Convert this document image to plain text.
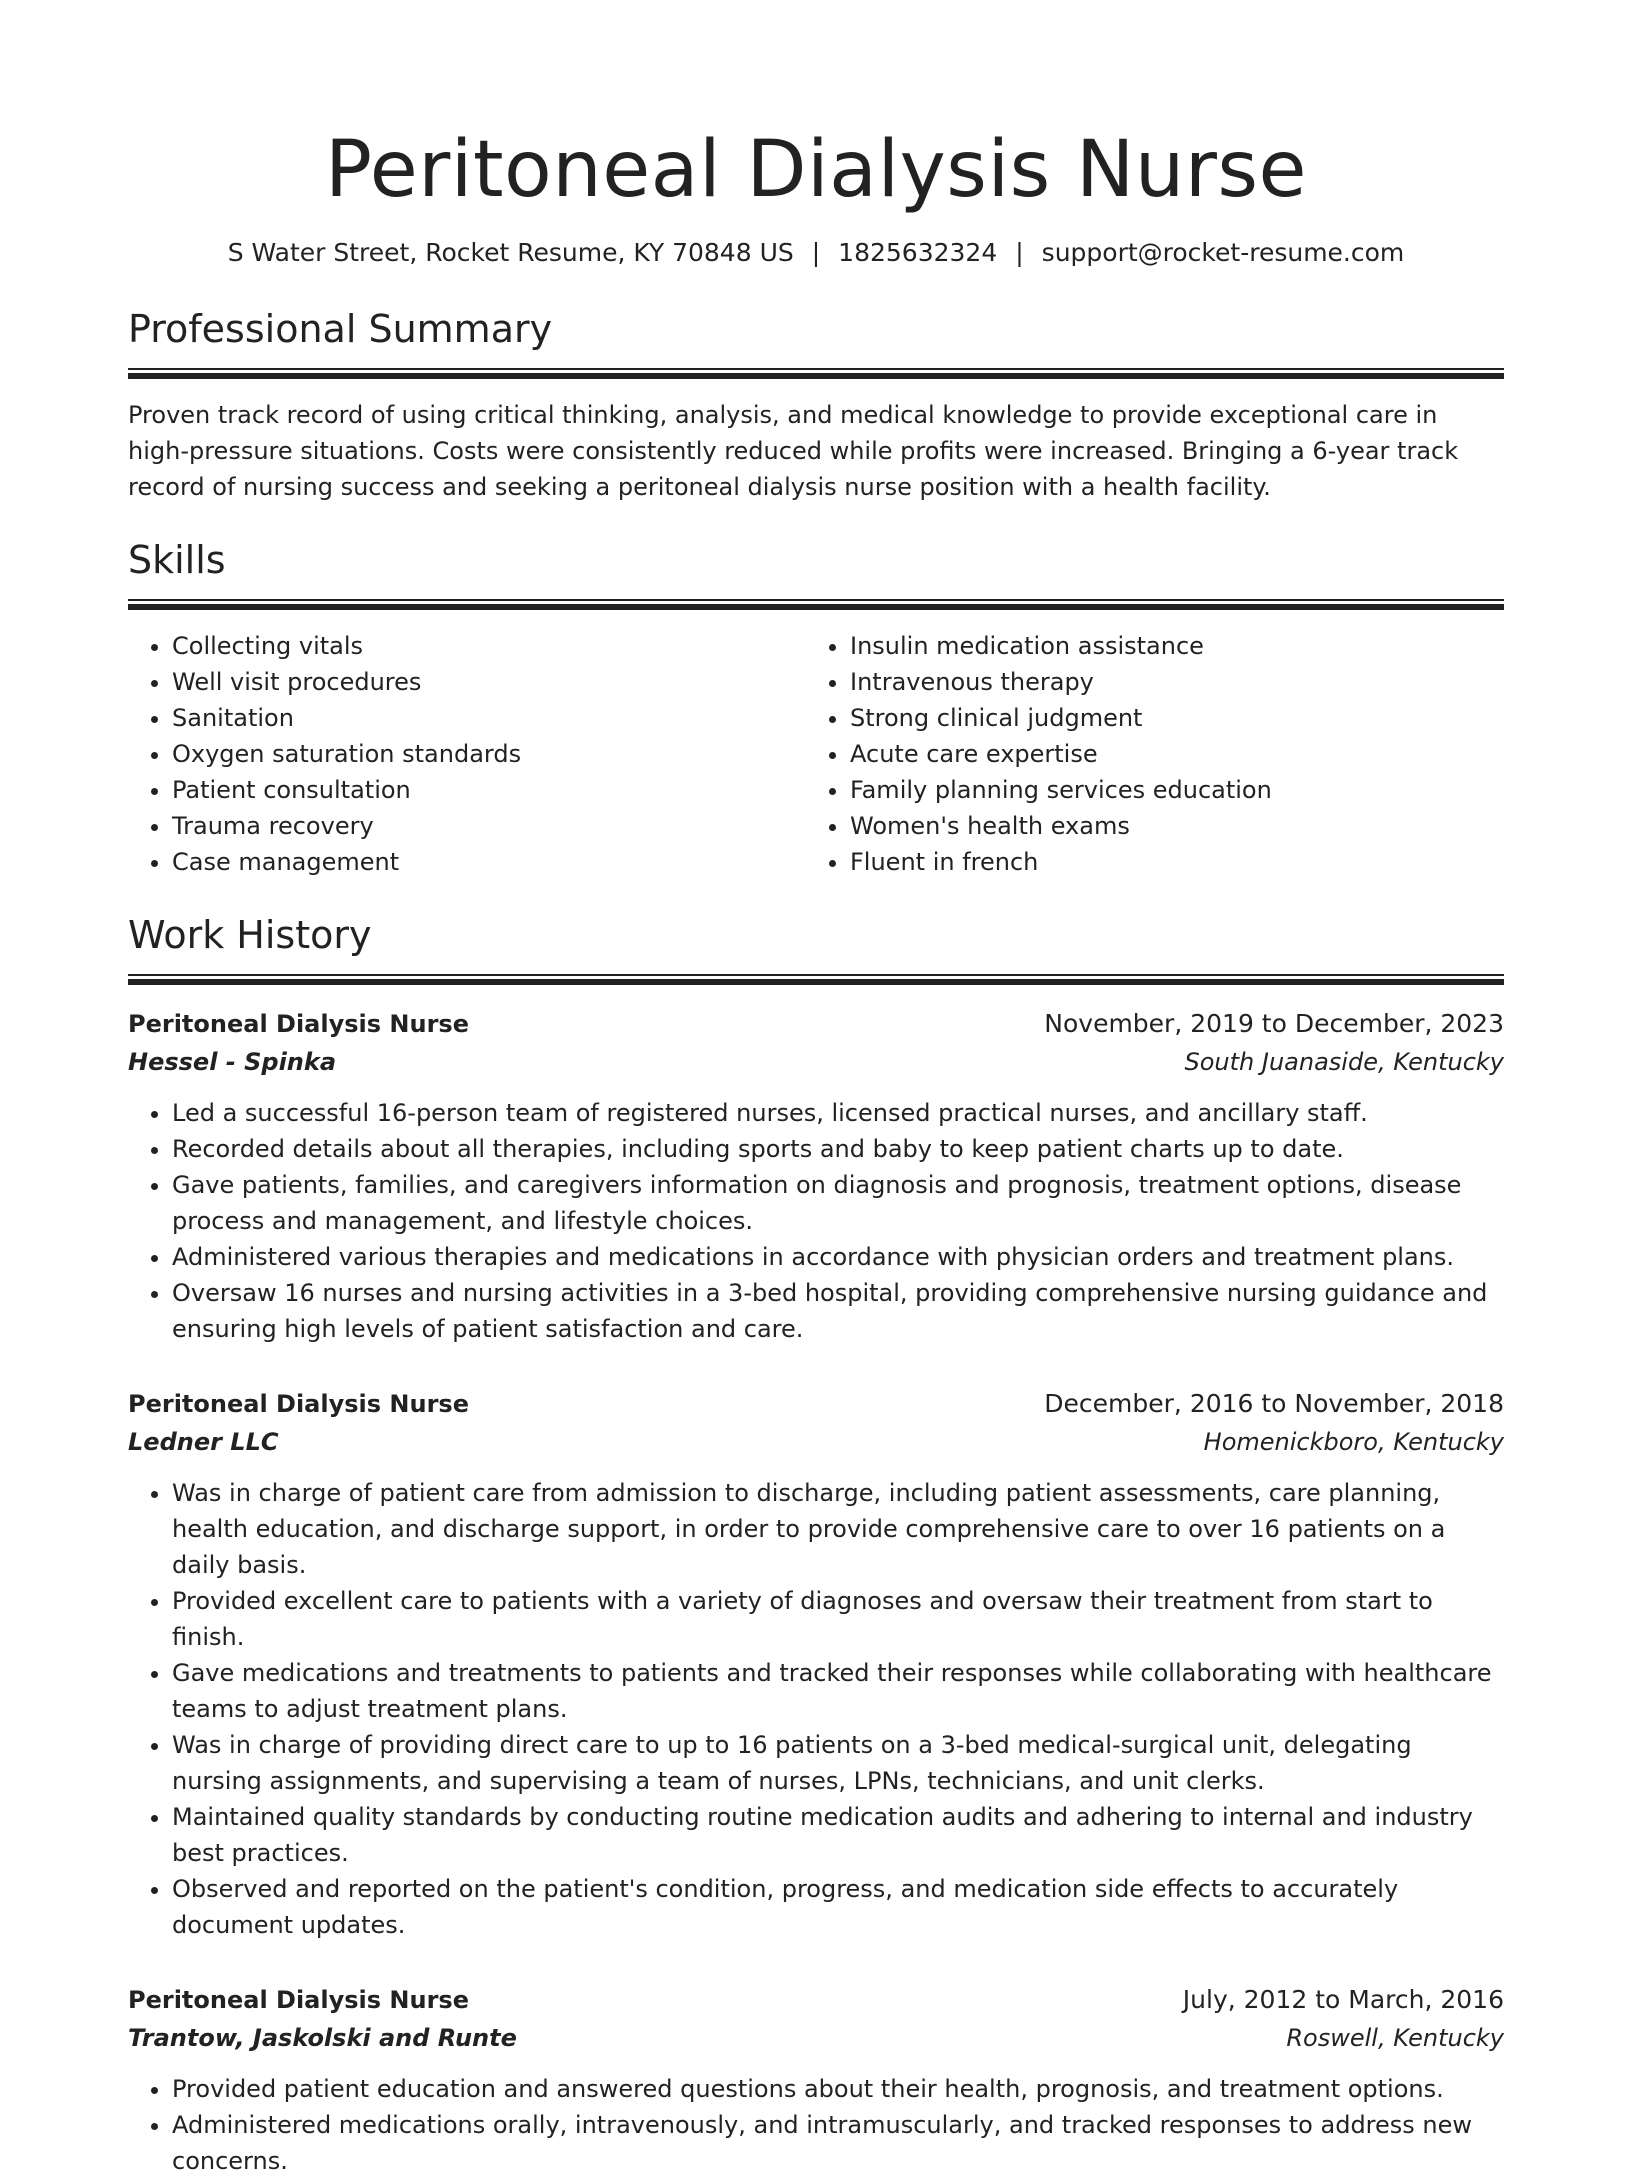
Peritoneal Dialysis Nurse
S Water Street, Rocket Resume, KY 70848 US | 1825632324 | support@rocket-resume.com
Professional Summary

Proven track record of using critical thinking, analysis, and medical knowledge to provide exceptional care in high-pressure situations. Costs were consistently reduced while profits were increased. Bringing a 6-year track record of nursing success and seeking a peritoneal dialysis nurse position with a health facility.

Skills
• Collecting vitals
• Well visit procedures
• Sanitation
• Oxygen saturation standards
• Patient consultation
• Trauma recovery
• Case management
• Insulin medication assistance
• Intravenous therapy
• Strong clinical judgment
• Acute care expertise
• Family planning services education
• Women's health exams
• Fluent in french
Work History
Peritoneal Dialysis Nurse	November, 2019 to December, 2023
Hessel - Spinka	South Juanaside, Kentucky
• Led a successful 16-person team of registered nurses, licensed practical nurses, and ancillary staff.
• Recorded details about all therapies, including sports and baby to keep patient charts up to date.
• Gave patients, families, and caregivers information on diagnosis and prognosis, treatment options, disease process and management, and lifestyle choices.
• Administered various therapies and medications in accordance with physician orders and treatment plans.
• Oversaw 16 nurses and nursing activities in a 3-bed hospital, providing comprehensive nursing guidance and ensuring high levels of patient satisfaction and care.
Peritoneal Dialysis Nurse	December, 2016 to November, 2018
Ledner LLC	Homenickboro, Kentucky
• Was in charge of patient care from admission to discharge, including patient assessments, care planning, health education, and discharge support, in order to provide comprehensive care to over 16 patients on a daily basis.
• Provided excellent care to patients with a variety of diagnoses and oversaw their treatment from start to finish.
• Gave medications and treatments to patients and tracked their responses while collaborating with healthcare teams to adjust treatment plans.
• Was in charge of providing direct care to up to 16 patients on a 3-bed medical-surgical unit, delegating nursing assignments, and supervising a team of nurses, LPNs, technicians, and unit clerks.
• Maintained quality standards by conducting routine medication audits and adhering to internal and industry best practices.
• Observed and reported on the patient's condition, progress, and medication side effects to accurately document updates.
Peritoneal Dialysis Nurse	July, 2012 to March, 2016
Trantow, Jaskolski and Runte	Roswell, Kentucky
• Provided patient education and answered questions about their health, prognosis, and treatment options.
• Administered medications orally, intravenously, and intramuscularly, and tracked responses to address new concerns.
